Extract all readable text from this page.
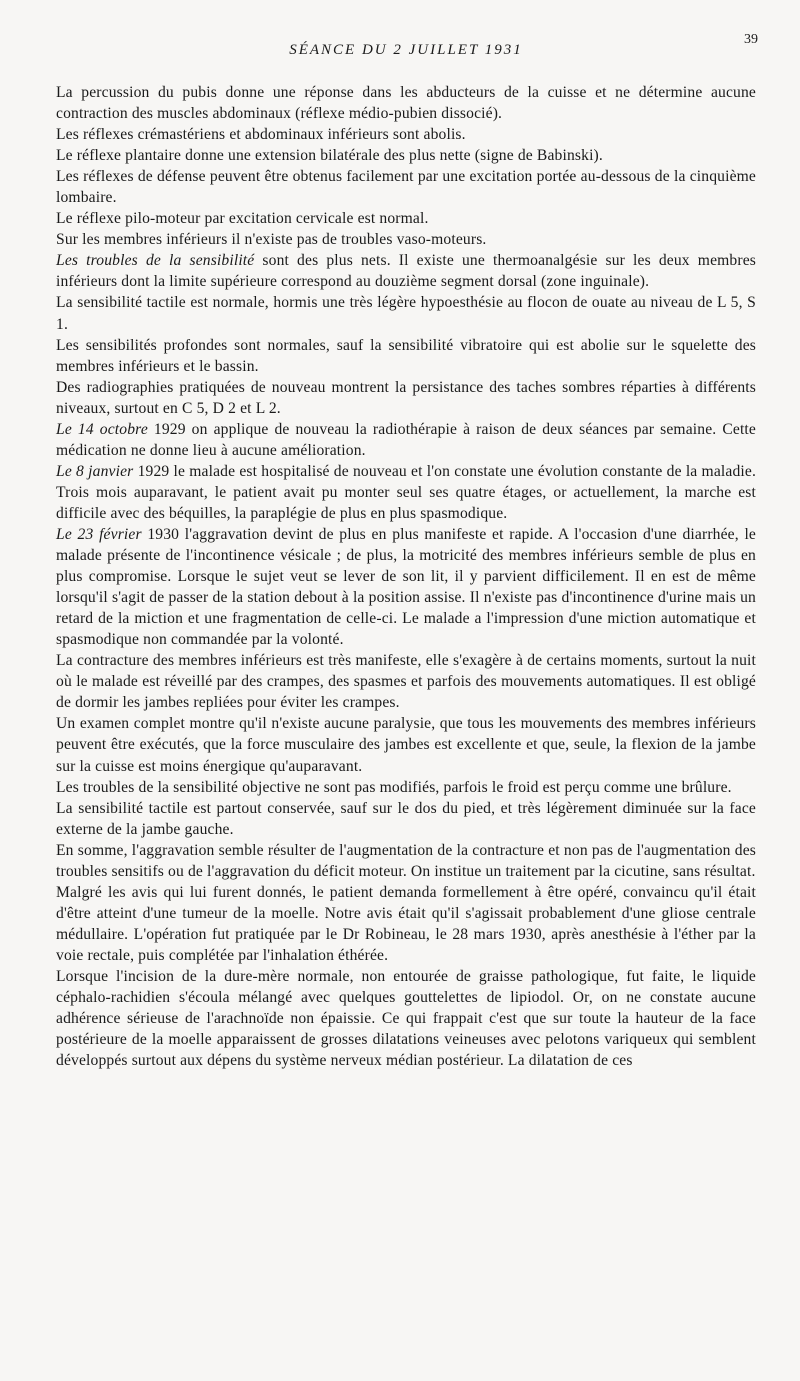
SÉANCE DU 2 JUILLET 1931
39

La percussion du pubis donne une réponse dans les abducteurs de la cuisse et ne détermine aucune contraction des muscles abdominaux (réflexe médio-pubien dissocié).

Les réflexes crémastériens et abdominaux inférieurs sont abolis.

Le réflexe plantaire donne une extension bilatérale des plus nette (signe de Babinski).

Les réflexes de défense peuvent être obtenus facilement par une excitation portée au-dessous de la cinquième lombaire.

Le réflexe pilo-moteur par excitation cervicale est normal.

Sur les membres inférieurs il n'existe pas de troubles vaso-moteurs.

Les troubles de la sensibilité sont des plus nets. Il existe une thermoanalgésie sur les deux membres inférieurs dont la limite supérieure correspond au douzième segment dorsal (zone inguinale).

La sensibilité tactile est normale, hormis une très légère hypoesthésie au flocon de ouate au niveau de L 5, S 1.

Les sensibilités profondes sont normales, sauf la sensibilité vibratoire qui est abolie sur le squelette des membres inférieurs et le bassin.

Des radiographies pratiquées de nouveau montrent la persistance des taches sombres réparties à différents niveaux, surtout en C 5, D 2 et L 2.

Le 14 octobre 1929 on applique de nouveau la radiothérapie à raison de deux séances par semaine. Cette médication ne donne lieu à aucune amélioration.

Le 8 janvier 1929 le malade est hospitalisé de nouveau et l'on constate une évolution constante de la maladie. Trois mois auparavant, le patient avait pu monter seul ses quatre étages, or actuellement, la marche est difficile avec des béquilles, la paraplégie de plus en plus spasmodique.

Le 23 février 1930 l'aggravation devint de plus en plus manifeste et rapide. A l'occasion d'une diarrhée, le malade présente de l'incontinence vésicale ; de plus, la motricité des membres inférieurs semble de plus en plus compromise. Lorsque le sujet veut se lever de son lit, il y parvient difficilement. Il en est de même lorsqu'il s'agit de passer de la station debout à la position assise. Il n'existe pas d'incontinence d'urine mais un retard de la miction et une fragmentation de celle-ci. Le malade a l'impression d'une miction automatique et spasmodique non commandée par la volonté.

La contracture des membres inférieurs est très manifeste, elle s'exagère à de certains moments, surtout la nuit où le malade est réveillé par des crampes, des spasmes et parfois des mouvements automatiques. Il est obligé de dormir les jambes repliées pour éviter les crampes.

Un examen complet montre qu'il n'existe aucune paralysie, que tous les mouvements des membres inférieurs peuvent être exécutés, que la force musculaire des jambes est excellente et que, seule, la flexion de la jambe sur la cuisse est moins énergique qu'auparavant.

Les troubles de la sensibilité objective ne sont pas modifiés, parfois le froid est perçu comme une brûlure.

La sensibilité tactile est partout conservée, sauf sur le dos du pied, et très légèrement diminuée sur la face externe de la jambe gauche.

En somme, l'aggravation semble résulter de l'augmentation de la contracture et non pas de l'augmentation des troubles sensitifs ou de l'aggravation du déficit moteur. On institue un traitement par la cicutine, sans résultat.

Malgré les avis qui lui furent donnés, le patient demanda formellement à être opéré, convaincu qu'il était d'être atteint d'une tumeur de la moelle. Notre avis était qu'il s'agissait probablement d'une gliose centrale médullaire. L'opération fut pratiquée par le Dr Robineau, le 28 mars 1930, après anesthésie à l'éther par la voie rectale, puis complétée par l'inhalation éthérée.

Lorsque l'incision de la dure-mère normale, non entourée de graisse pathologique, fut faite, le liquide céphalo-rachidien s'écoula mélangé avec quelques gouttelettes de lipiodol. Or, on ne constate aucune adhérence sérieuse de l'arachnoïde non épaissie. Ce qui frappait c'est que sur toute la hauteur de la face postérieure de la moelle apparaissent de grosses dilatations veineuses avec pelotons variqueux qui semblent développés surtout aux dépens du système nerveux médian postérieur. La dilatation de ces
